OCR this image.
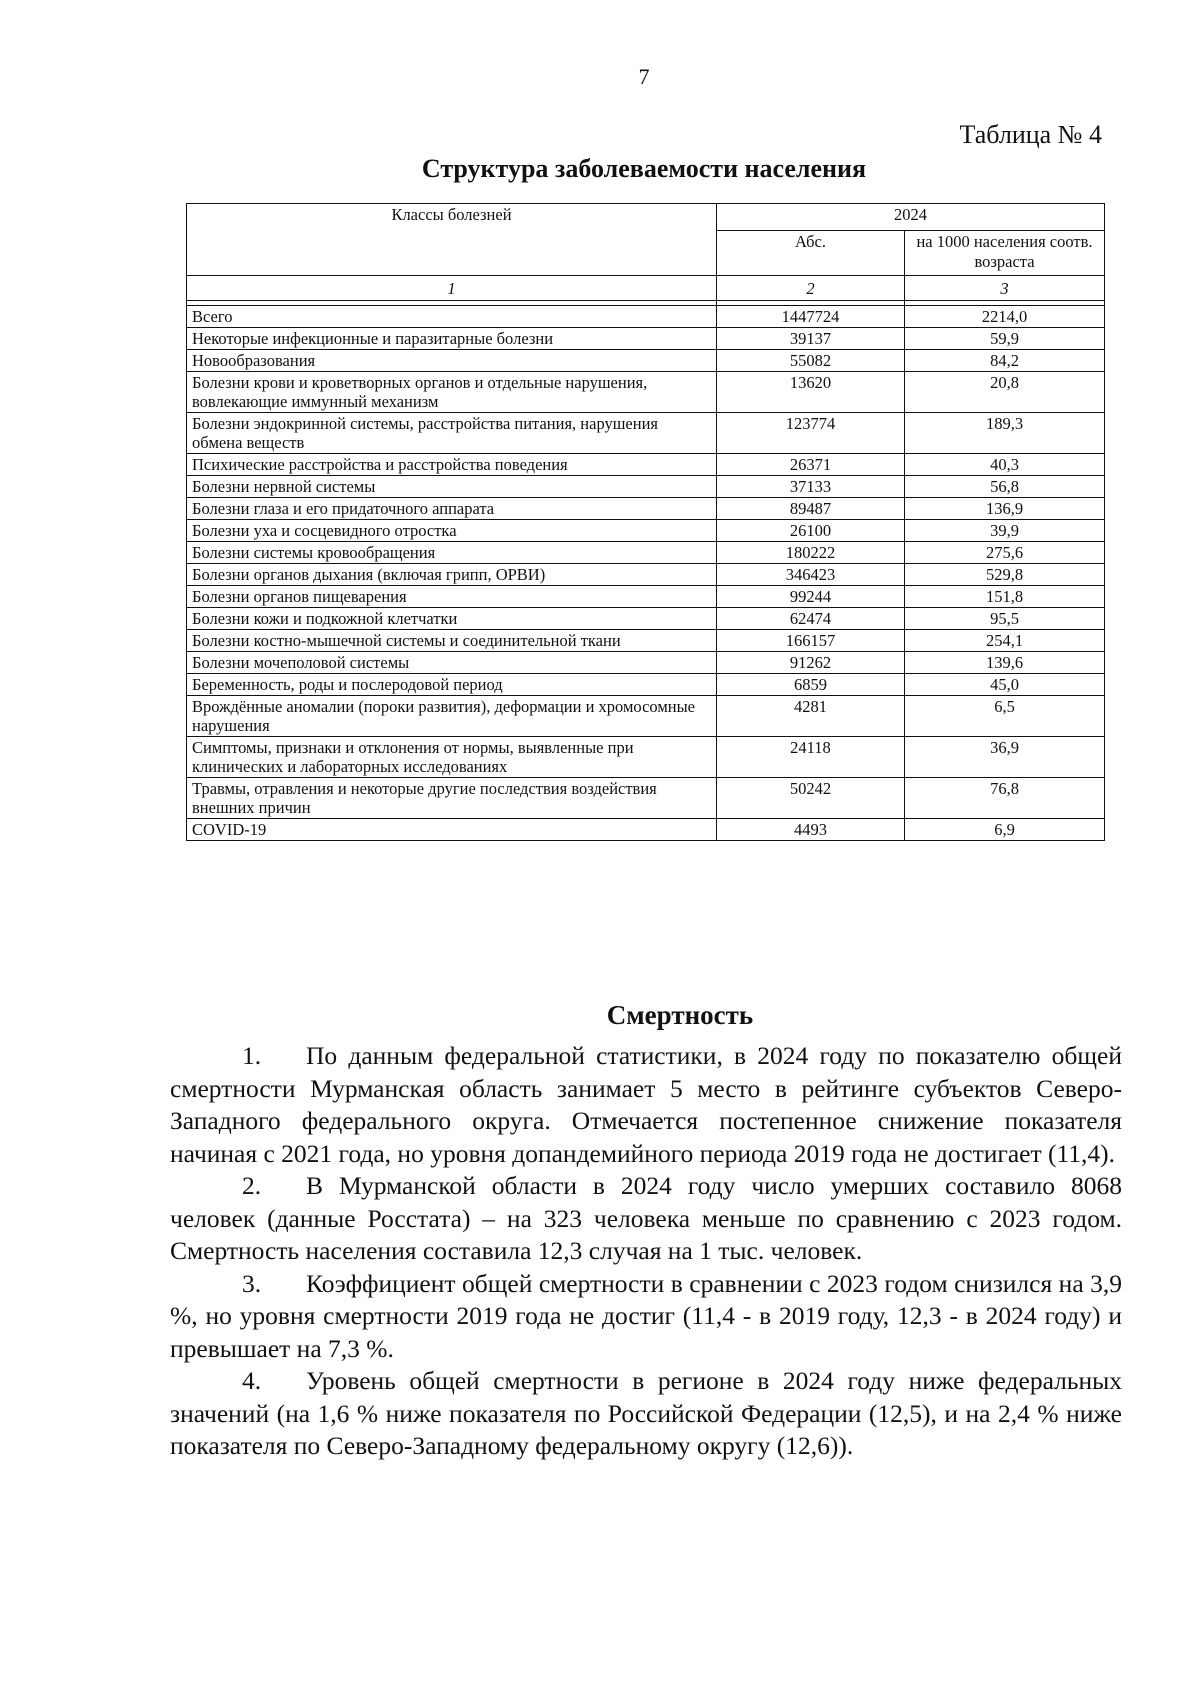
7
Таблица № 4
Структура заболеваемости населения
Классы болезней	2024	
	Абс.	на 1000 населения соотв. возраста
1	2	3

Всего	1447724	2214,0
Некоторые инфекционные и паразитарные болезни	39137	59,9
Новообразования	55082	84,2
Болезни крови и кроветворных органов и отдельные нарушения, вовлекающие иммунный механизм	13620	20,8
Болезни эндокринной системы, расстройства питания, нарушения обмена веществ	123774	189,3
Психические расстройства и расстройства поведения	26371	40,3
Болезни нервной системы	37133	56,8
Болезни глаза и его придаточного аппарата	89487	136,9
Болезни уха и сосцевидного отростка	26100	39,9
Болезни системы кровообращения	180222	275,6
Болезни органов дыхания (включая грипп, ОРВИ)	346423	529,8
Болезни органов пищеварения	99244	151,8
Болезни кожи и подкожной клетчатки	62474	95,5
Болезни костно-мышечной системы и соединительной ткани	166157	254,1
Болезни мочеполовой системы	91262	139,6
Беременность, роды и послеродовой период	6859	45,0
Врождённые аномалии (пороки развития), деформации и хромосомные нарушения	4281	6,5
Симптомы, признаки и отклонения от нормы, выявленные при клинических и лабораторных исследованиях	24118	36,9
Травмы, отравления и некоторые другие последствия воздействия внешних причин	50242	76,8
COVID-19	4493	6,9
Смертность

1. По данным федеральной статистики, в 2024 году по показателю общей смертности Мурманская область занимает 5 место в рейтинге субъектов Северо-Западного федерального округа. Отмечается постепенное снижение показателя начиная с 2021 года, но уровня допандемийного периода 2019 года не достигает (11,4).

2. В Мурманской области в 2024 году число умерших составило 8068 человек (данные Росстата) – на 323 человека меньше по сравнению с 2023 годом. Смертность населения составила 12,3 случая на 1 тыс. человек.

3. Коэффициент общей смертности в сравнении с 2023 годом снизился на 3,9 %, но уровня смертности 2019 года не достиг (11,4 - в 2019 году, 12,3 - в 2024 году) и превышает на 7,3 %.

4. Уровень общей смертности в регионе в 2024 году ниже федеральных значений (на 1,6 % ниже показателя по Российской Федерации (12,5), и на 2,4 % ниже показателя по Северо-Западному федеральному округу (12,6)).
